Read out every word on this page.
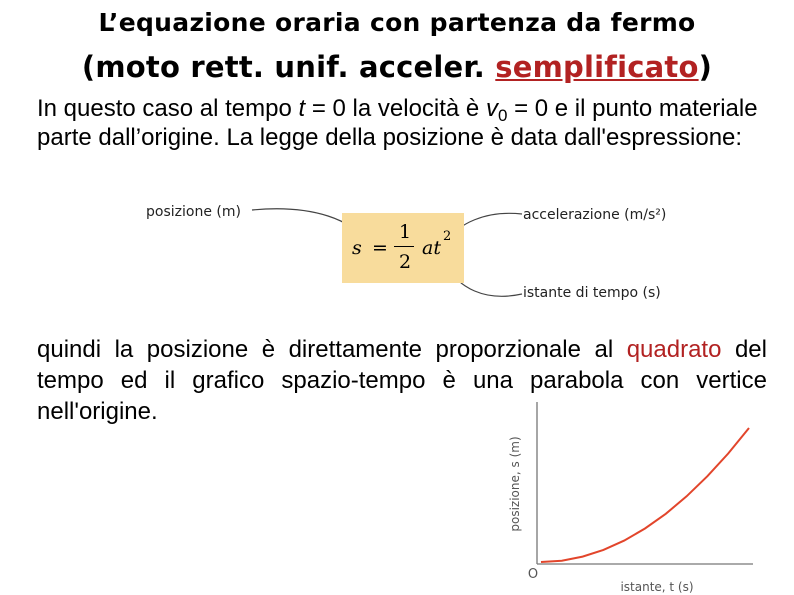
L’equazione oraria con partenza da fermo
(moto rett. unif. acceler. semplificato)
In questo caso al tempo t = 0 la velocità è $v_0 = 0$ e il punto materiale parte dall’origine. La legge della posizione è data dall'espressione:
s =
1
2
at
2
posizione (m)	accelerazione (m/s²)
istante di tempo (s)
quindi la posizione è direttamente proporzionale al quadrato del tempo ed il grafico spazio-tempo è una parabola con vertice nell'origine.
O
istante, t (s)
posizione, s (m)
